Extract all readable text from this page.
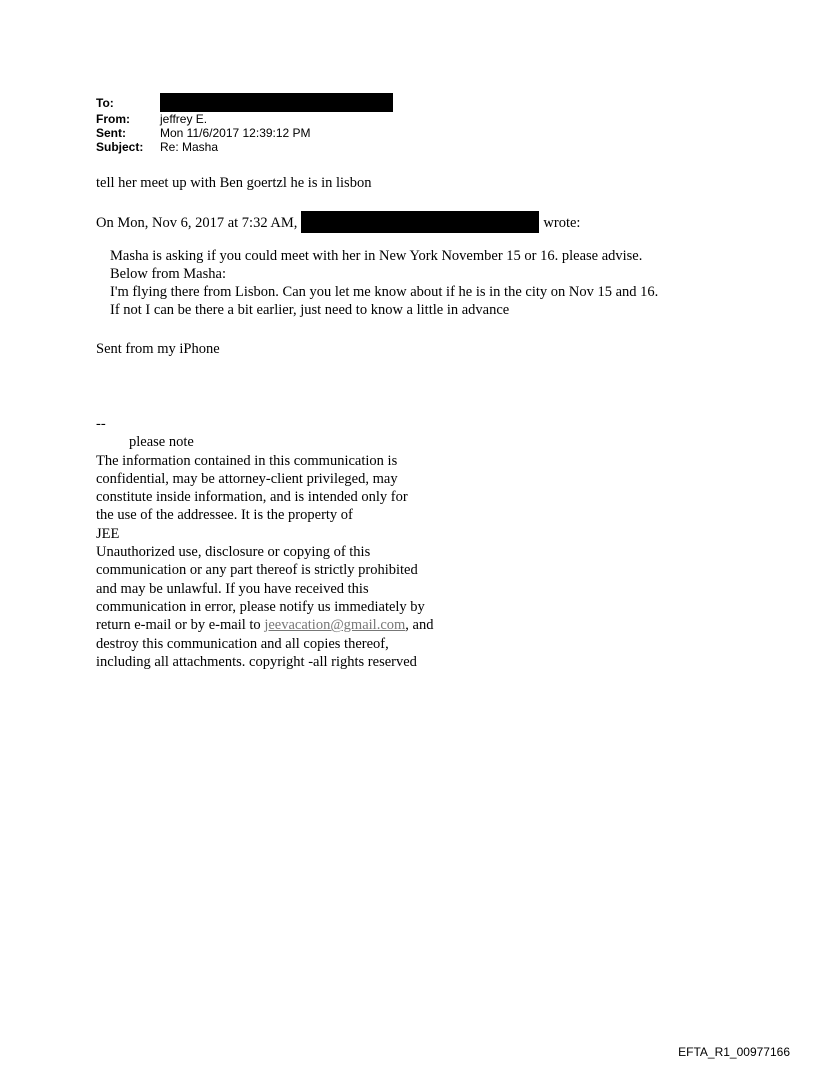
To:
From:	jeffrey E.
Sent:	Mon 11/6/2017 12:39:12 PM
Subject:	Re: Masha
tell her meet up with Ben goertzl he is in lisbon
On Mon, Nov 6, 2017 at 7:32 AM,	wrote:
Masha is asking if you could meet with her in New York November 15 or 16. please advise.
Below from Masha:
I'm flying there from Lisbon. Can you let me know about if he is in the city on Nov 15 and 16.
If not I can be there a bit earlier, just need to know a little in advance
Sent from my iPhone
--
please note
The information contained in this communication is
confidential, may be attorney-client privileged, may
constitute inside information, and is intended only for
the use of the addressee. It is the property of
JEE
Unauthorized use, disclosure or copying of this
communication or any part thereof is strictly prohibited
and may be unlawful. If you have received this
communication in error, please notify us immediately by
return e-mail or by e-mail to jeevacation@gmail.com, and
destroy this communication and all copies thereof,
including all attachments. copyright -all rights reserved
EFTA_R1_00977166
